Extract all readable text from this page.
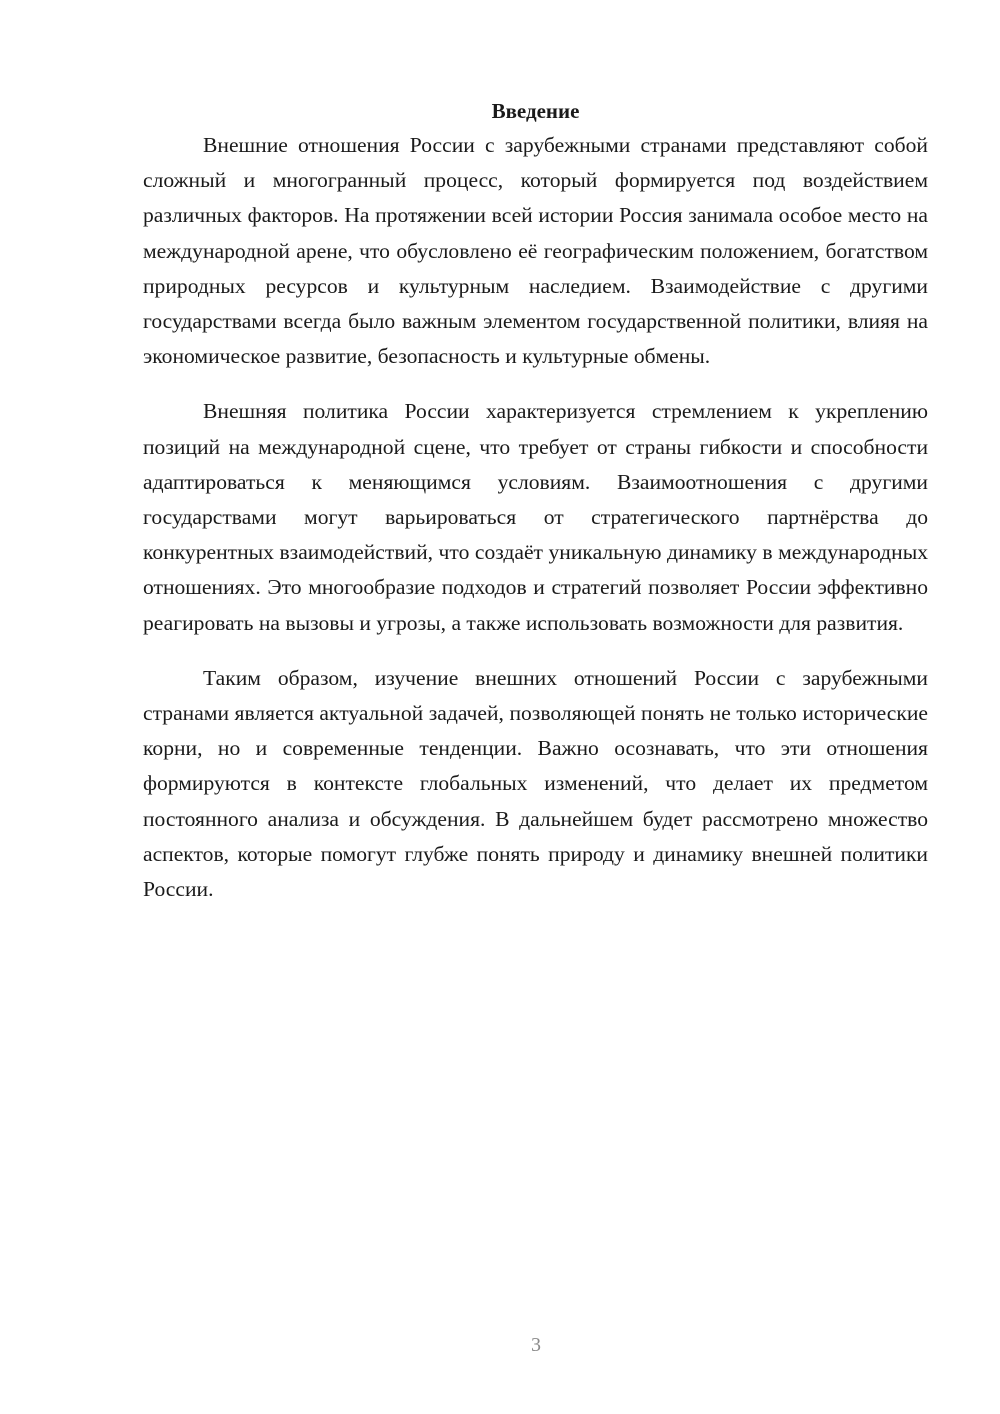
Введение

Внешние отношения России с зарубежными странами представляют собой сложный и многогранный процесс, который формируется под воздействием различных факторов. На протяжении всей истории Россия занимала особое место на международной арене, что обусловлено её географическим положением, богатством природных ресурсов и культурным наследием. Взаимодействие с другими государствами всегда было важным элементом государственной политики, влияя на экономическое развитие, безопасность и культурные обмены.

Внешняя политика России характеризуется стремлением к укреплению позиций на международной сцене, что требует от страны гибкости и способности адаптироваться к меняющимся условиям. Взаимоотношения с другими государствами могут варьироваться от стратегического партнёрства до конкурентных взаимодействий, что создаёт уникальную динамику в международных отношениях. Это многообразие подходов и стратегий позволяет России эффективно реагировать на вызовы и угрозы, а также использовать возможности для развития.

Таким образом, изучение внешних отношений России с зарубежными странами является актуальной задачей, позволяющей понять не только исторические корни, но и современные тенденции. Важно осознавать, что эти отношения формируются в контексте глобальных изменений, что делает их предметом постоянного анализа и обсуждения. В дальнейшем будет рассмотрено множество аспектов, которые помогут глубже понять природу и динамику внешней политики России.

3
